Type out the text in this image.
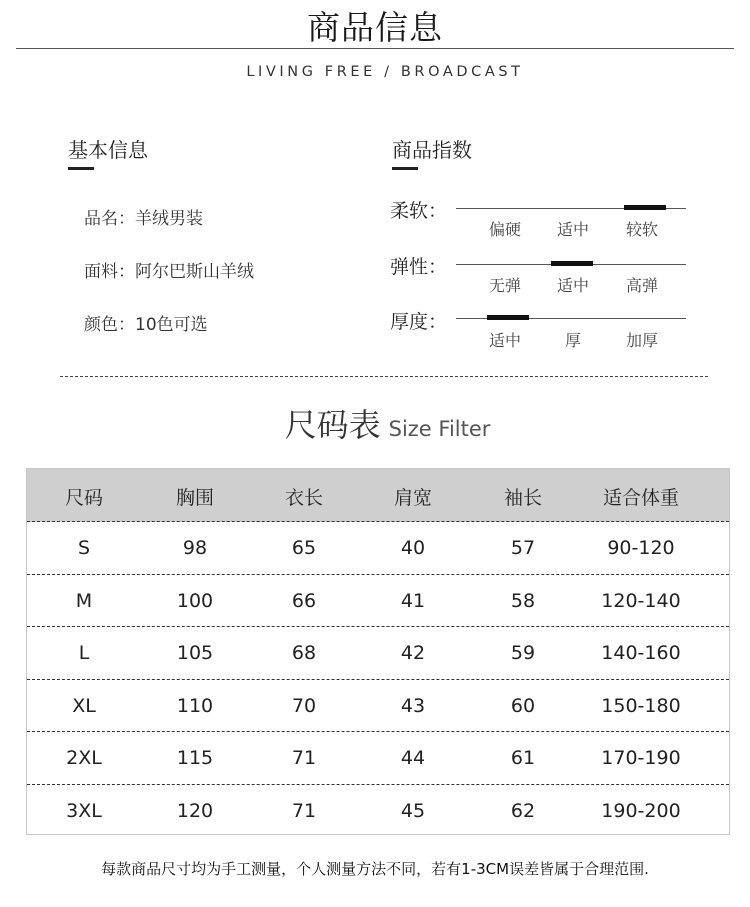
商品信息
LIVING FREE / BROADCAST
基本信息
品名：羊绒男装
面料：阿尔巴斯山羊绒
颜色：10色可选
商品指数
柔软：
偏硬	适中	较软
弹性：
无弹	适中	高弹
厚度：
适中	厚	加厚
尺码表 Size Filter
尺码	胸围	衣长	肩宽	袖长	适合体重
S	98	65	40	57	90-120
M	100	66	41	58	120-140
L	105	68	42	59	140-160
XL	110	70	43	60	150-180
2XL	115	71	44	61	170-190
3XL	120	71	45	62	190-200
每款商品尺寸均为手工测量，个人测量方法不同，若有1-3CM误差皆属于合理范围.
